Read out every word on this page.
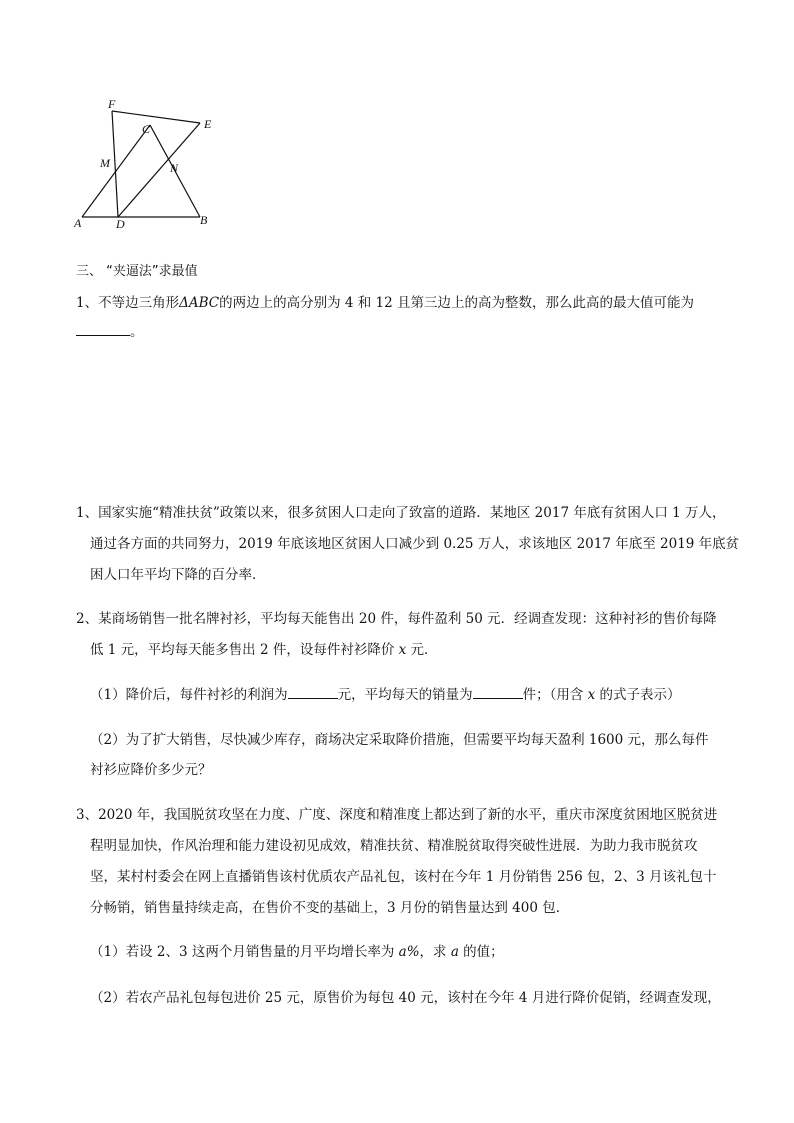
F
E
C
M	N
A	D	B
三、 “夹逼法”求最值
1、不等边三角形ΔABC的两边上的高分别为 4 和 12 且第三边上的高为整数，那么此高的最大值可能为
。
1、国家实施“精准扶贫”政策以来，很多贫困人口走向了致富的道路．某地区 2017 年底有贫困人口 1 万人，
通过各方面的共同努力，2019 年底该地区贫困人口减少到 0.25 万人，求该地区 2017 年底至 2019 年底贫
困人口年平均下降的百分率．
2、某商场销售一批名牌衬衫，平均每天能售出 20 件，每件盈利 50 元．经调查发现：这种衬衫的售价每降
低 1 元，平均每天能多售出 2 件，设每件衬衫降价 x 元．
（1）降价后，每件衬衫的利润为	元，平均每天的销量为	件；（用含 x 的式子表示）
（2）为了扩大销售，尽快减少库存，商场决定采取降价措施，但需要平均每天盈利 1600 元，那么每件
衬衫应降价多少元？
3、2020 年，我国脱贫攻坚在力度、广度、深度和精准度上都达到了新的水平，重庆市深度贫困地区脱贫进
程明显加快，作风治理和能力建设初见成效，精准扶贫、精准脱贫取得突破性进展．为助力我市脱贫攻
坚，某村村委会在网上直播销售该村优质农产品礼包，该村在今年 1 月份销售 256 包，2、3 月该礼包十
分畅销，销售量持续走高，在售价不变的基础上，3 月份的销售量达到 400 包．
（1）若设 2、3 这两个月销售量的月平均增长率为 a%，求 a 的值；
（2）若农产品礼包每包进价 25 元，原售价为每包 40 元，该村在今年 4 月进行降价促销，经调查发现，
